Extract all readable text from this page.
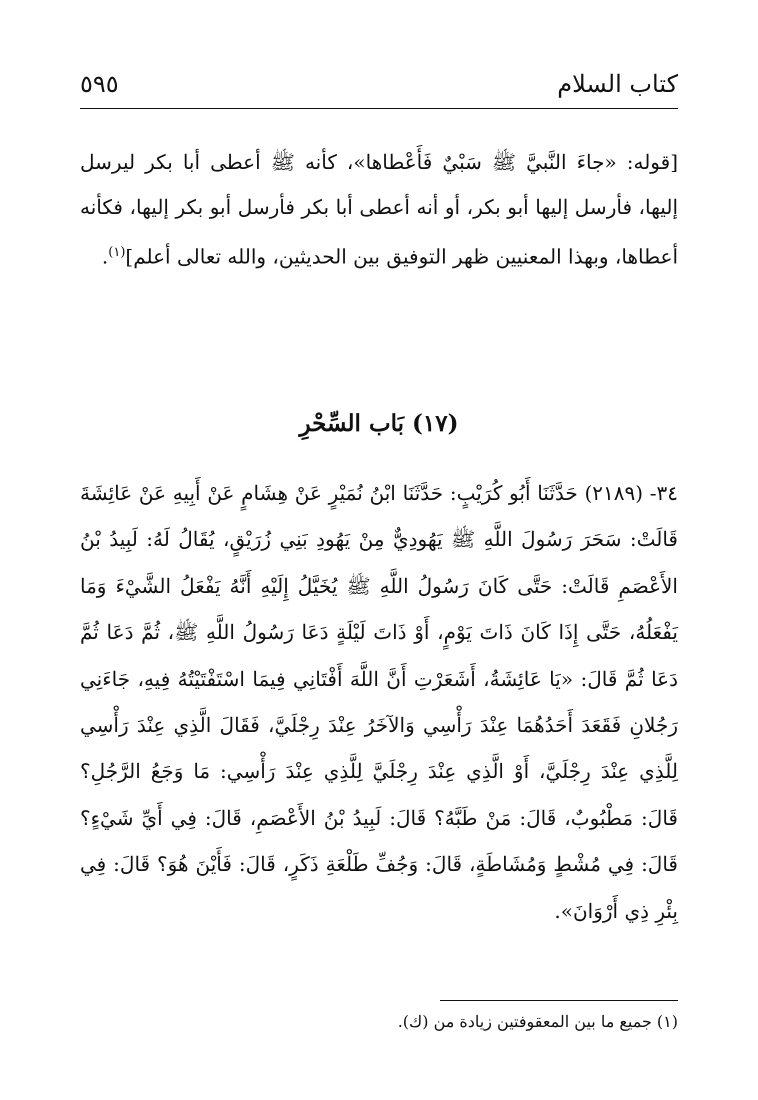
كتاب السلام
٥٩٥

[قوله: «جاءَ النَّبيَّ ﷺ سَبْيٌ فَأَعْطاها»، كأنه ﷺ أعطى أبا بكر ليرسل إليها، فأرسل إليها أبو بكر، أو أنه أعطى أبا بكر فأرسل أبو بكر إليها، فكأنه أعطاها، وبهذا المعنيين ظهر التوفيق بين الحديثين، والله تعالى أعلم]$^{(١)}$.

(١٧) بَاب السِّحْرِ

٣٤- (٢١٨٩) حَدَّثَنَا أَبُو كُرَيْبٍ: حَدَّثَنَا ابْنُ نُمَيْرٍ عَنْ هِشَامٍ عَنْ أَبِيهِ عَنْ عَائِشَةَ قَالَتْ: سَحَرَ رَسُولَ اللَّهِ ﷺ يَهُودِيٌّ مِنْ يَهُودِ بَنِي زُرَيْقٍ، يُقَالُ لَهُ: لَبِيدُ بْنُ الأَعْصَمِ قَالَتْ: حَتَّى كَانَ رَسُولُ اللَّهِ ﷺ يُخَيَّلُ إِلَيْهِ أَنَّهُ يَفْعَلُ الشَّيْءَ وَمَا يَفْعَلُهُ، حَتَّى إِذَا كَانَ ذَاتَ يَوْمٍ، أَوْ ذَاتَ لَيْلَةٍ دَعَا رَسُولُ اللَّهِ ﷺ، ثُمَّ دَعَا ثُمَّ دَعَا ثُمَّ قَالَ: «يَا عَائِشَةُ، أَشَعَرْتِ أَنَّ اللَّهَ أَفْتَانِي فِيمَا اسْتَفْتَيْتُهُ فِيهِ، جَاءَنِي رَجُلانِ فَقَعَدَ أَحَدُهُمَا عِنْدَ رَأْسِي وَالآخَرُ عِنْدَ رِجْلَيَّ، فَقَالَ الَّذِي عِنْدَ رَأْسِي لِلَّذِي عِنْدَ رِجْلَيَّ، أَوْ الَّذِي عِنْدَ رِجْلَيَّ لِلَّذِي عِنْدَ رَأْسِي: مَا وَجَعُ الرَّجُلِ؟ قَالَ: مَطْبُوبٌ، قَالَ: مَنْ طَبَّهُ؟ قَالَ: لَبِيدُ بْنُ الأَعْصَمِ، قَالَ: فِي أَيِّ شَيْءٍ؟ قَالَ: فِي مُشْطٍ وَمُشَاطَةٍ، قَالَ: وَجُفِّ طَلْعَةِ ذَكَرٍ، قَالَ: فَأَيْنَ هُوَ؟ قَالَ: فِي بِئْرِ ذِي أَرْوَانَ».

(١) جميع ما بين المعقوفتين زيادة من (ك).
